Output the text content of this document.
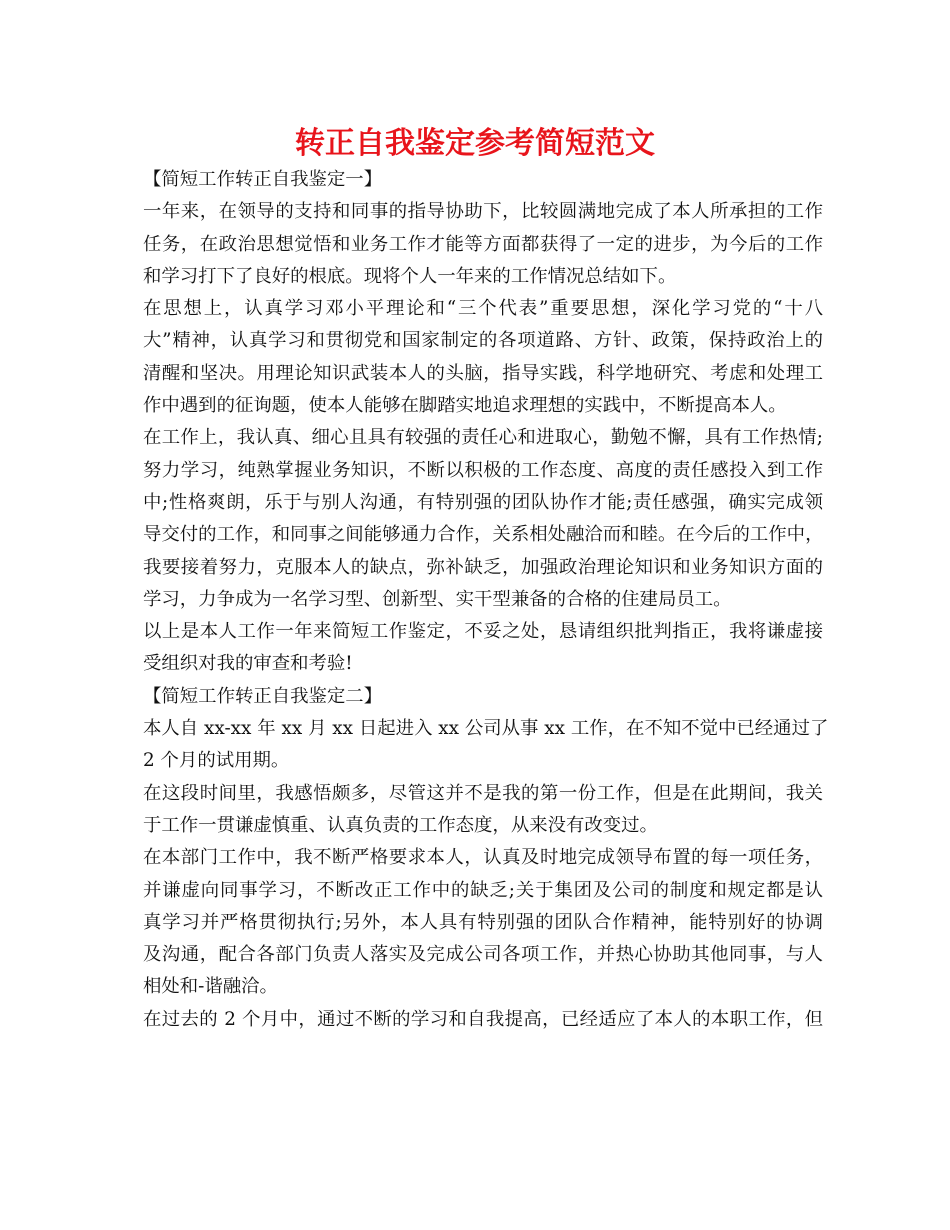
转正自我鉴定参考简短范文
【简短工作转正自我鉴定一】
一年来，在领导的支持和同事的指导协助下，比较圆满地完成了本人所承担的工作
任务，在政治思想觉悟和业务工作才能等方面都获得了一定的进步，为今后的工作
和学习打下了良好的根底。现将个人一年来的工作情况总结如下。
在思想上，认真学习邓小平理论和“三个代表”重要思想，深化学习党的“十八
大”精神，认真学习和贯彻党和国家制定的各项道路、方针、政策，保持政治上的
清醒和坚决。用理论知识武装本人的头脑，指导实践，科学地研究、考虑和处理工
作中遇到的征询题，使本人能够在脚踏实地追求理想的实践中，不断提高本人。
在工作上，我认真、细心且具有较强的责任心和进取心，勤勉不懈，具有工作热情;
努力学习，纯熟掌握业务知识，不断以积极的工作态度、高度的责任感投入到工作
中;性格爽朗，乐于与别人沟通，有特别强的团队协作才能;责任感强，确实完成领
导交付的工作，和同事之间能够通力合作，关系相处融洽而和睦。在今后的工作中，
我要接着努力，克服本人的缺点，弥补缺乏，加强政治理论知识和业务知识方面的
学习，力争成为一名学习型、创新型、实干型兼备的合格的住建局员工。
以上是本人工作一年来简短工作鉴定，不妥之处，恳请组织批判指正，我将谦虚接
受组织对我的审查和考验!
【简短工作转正自我鉴定二】
本人自 xx-xx 年 xx 月 xx 日起进入 xx 公司从事 xx 工作，在不知不觉中已经通过了
2 个月的试用期。
在这段时间里，我感悟颇多，尽管这并不是我的第一份工作，但是在此期间，我关
于工作一贯谦虚慎重、认真负责的工作态度，从来没有改变过。
在本部门工作中，我不断严格要求本人，认真及时地完成领导布置的每一项任务，
并谦虚向同事学习，不断改正工作中的缺乏;关于集团及公司的制度和规定都是认
真学习并严格贯彻执行;另外，本人具有特别强的团队合作精神，能特别好的协调
及沟通，配合各部门负责人落实及完成公司各项工作，并热心协助其他同事，与人
相处和-谐融洽。
在过去的 2 个月中，通过不断的学习和自我提高，已经适应了本人的本职工作，但
